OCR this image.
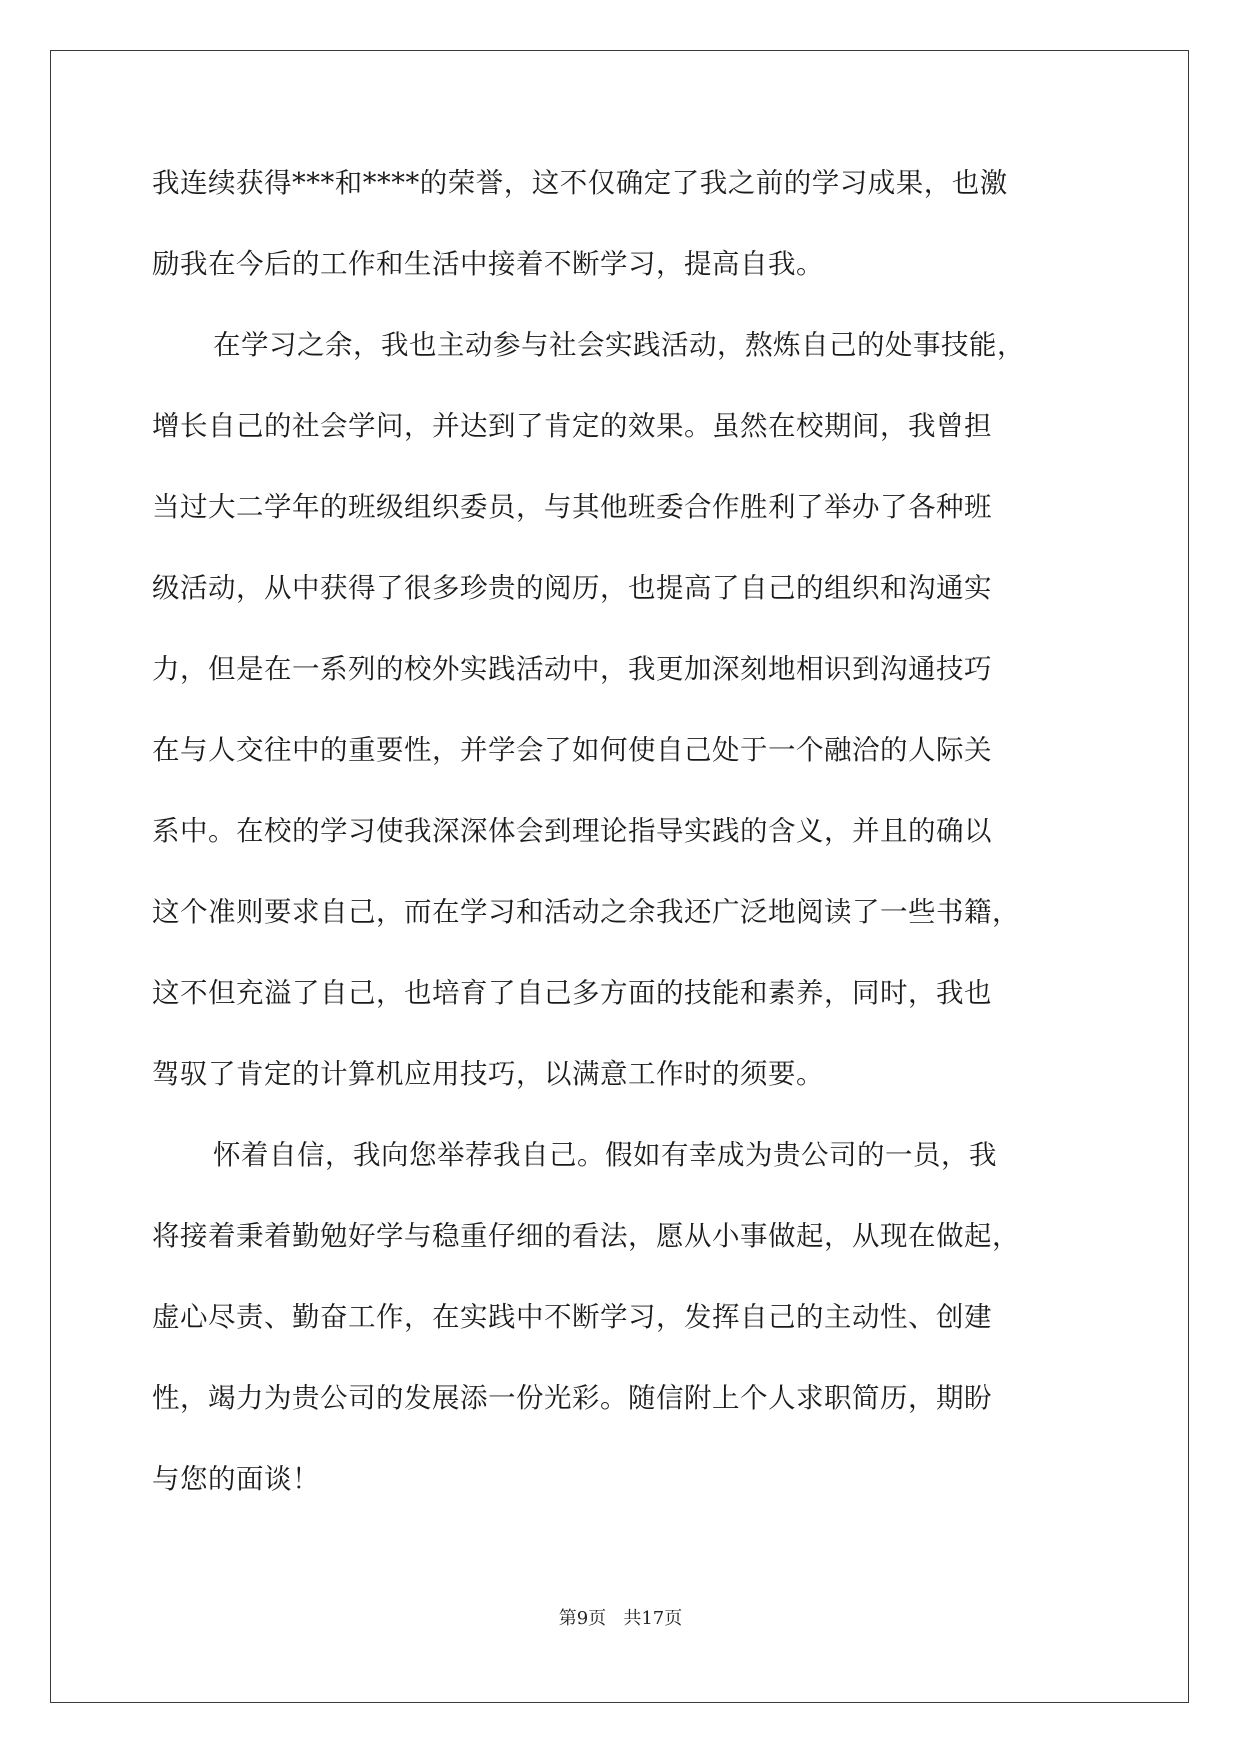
我连续获得***和****的荣誉，这不仅确定了我之前的学习成果，也激
励我在今后的工作和生活中接着不断学习，提高自我。
在学习之余，我也主动参与社会实践活动，熬炼自己的处事技能，
增长自己的社会学问，并达到了肯定的效果。虽然在校期间，我曾担
当过大二学年的班级组织委员，与其他班委合作胜利了举办了各种班
级活动，从中获得了很多珍贵的阅历，也提高了自己的组织和沟通实
力，但是在一系列的校外实践活动中，我更加深刻地相识到沟通技巧
在与人交往中的重要性，并学会了如何使自己处于一个融洽的人际关
系中。在校的学习使我深深体会到理论指导实践的含义，并且的确以
这个准则要求自己，而在学习和活动之余我还广泛地阅读了一些书籍，
这不但充溢了自己，也培育了自己多方面的技能和素养，同时，我也
驾驭了肯定的计算机应用技巧，以满意工作时的须要。
怀着自信，我向您举荐我自己。假如有幸成为贵公司的一员，我
将接着秉着勤勉好学与稳重仔细的看法，愿从小事做起，从现在做起，
虚心尽责、勤奋工作，在实践中不断学习，发挥自己的主动性、创建
性，竭力为贵公司的发展添一份光彩。随信附上个人求职简历，期盼
与您的面谈！
第9页 共17页
